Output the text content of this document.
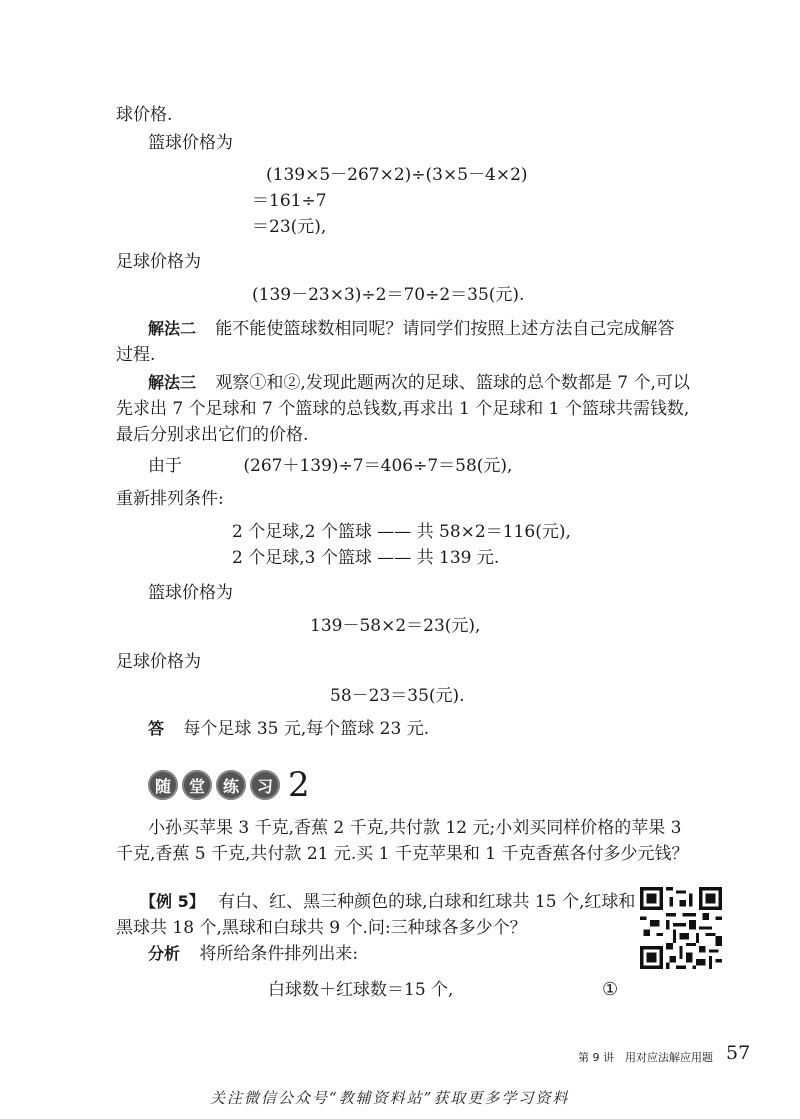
球价格.
篮球价格为
(139×5－267×2)÷(3×5－4×2)
＝161÷7
＝23(元),
足球价格为
(139－23×3)÷2＝70÷2＝35(元).
解法二 能不能使篮球数相同呢？请同学们按照上述方法自己完成解答
过程.
解法三 观察①和②,发现此题两次的足球、篮球的总个数都是 7 个,可以
先求出 7 个足球和 7 个篮球的总钱数,再求出 1 个足球和 1 个篮球共需钱数,
最后分别求出它们的价格.
由于	(267＋139)÷7＝406÷7＝58(元),
重新排列条件:
2 个足球,2 个篮球 —— 共 58×2＝116(元),
2 个足球,3 个篮球 —— 共 139 元.
篮球价格为
139－58×2＝23(元),
足球价格为
58－23＝35(元).
答 每个足球 35 元,每个篮球 23 元.
随	堂	练	习 2
小孙买苹果 3 千克,香蕉 2 千克,共付款 12 元;小刘买同样价格的苹果 3
千克,香蕉 5 千克,共付款 21 元.买 1 千克苹果和 1 千克香蕉各付多少元钱？
【例 5】 有白、红、黑三种颜色的球,白球和红球共 15 个,红球和
黑球共 18 个,黑球和白球共 9 个.问:三种球各多少个？
分析 将所给条件排列出来:
白球数＋红球数＝15 个,	①
第 9 讲　用对应法解应用题 57
关注微信公众号“教辅资料站”获取更多学习资料
